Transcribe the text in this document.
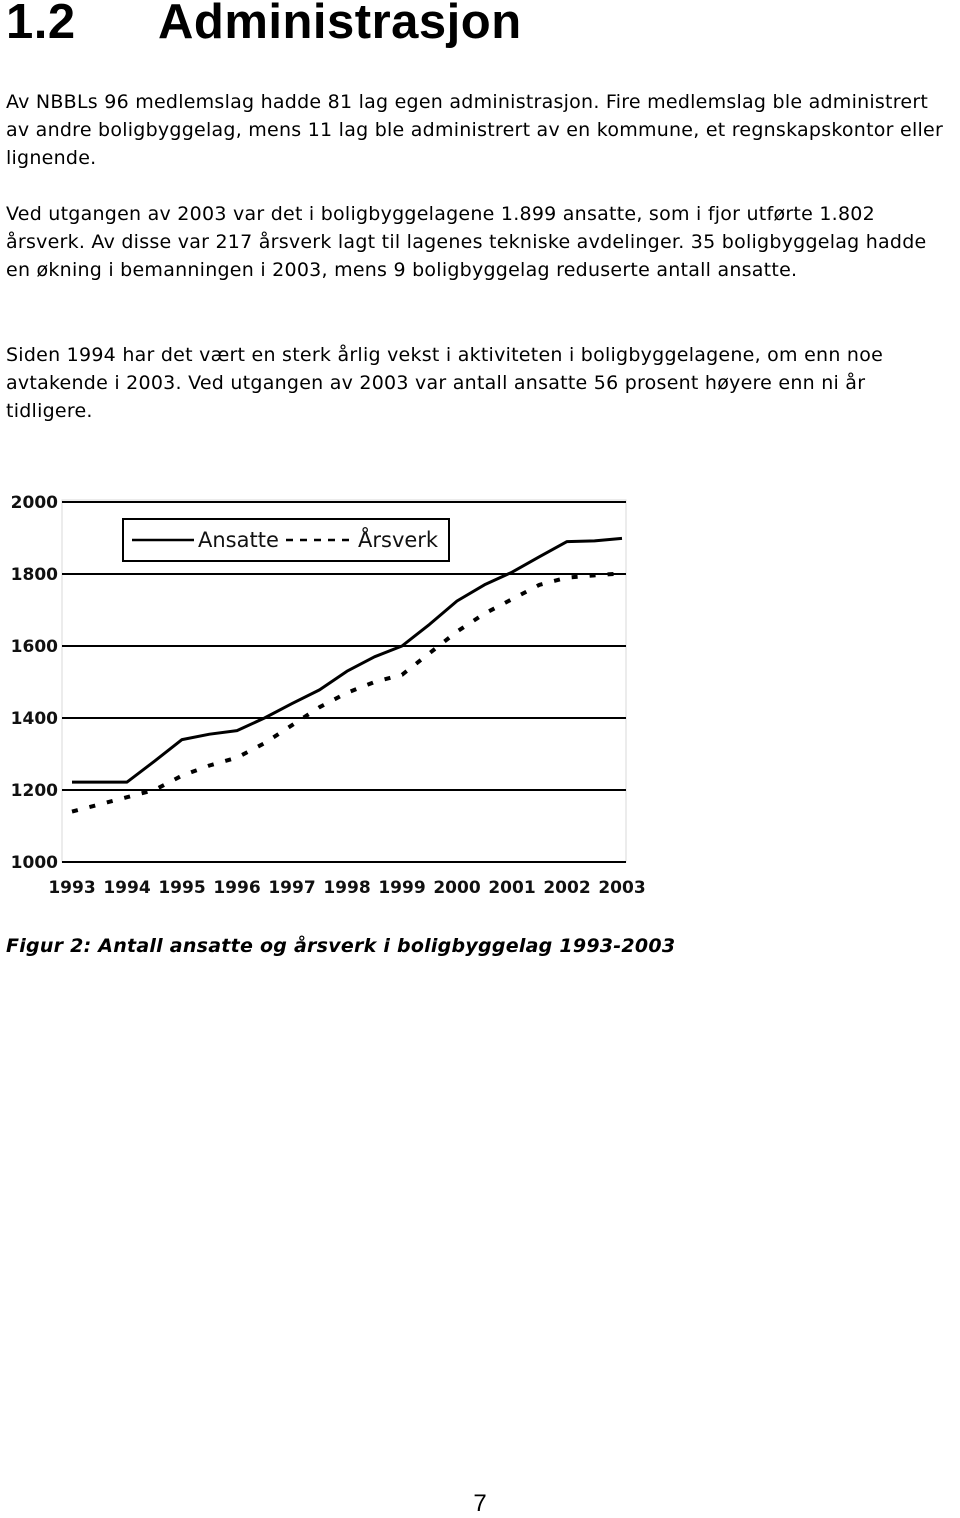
1.2 Administrasjon

Av NBBLs 96 medlemslag hadde 81 lag egen administrasjon. Fire medlemslag ble administrert av andre boligbyggelag, mens 11 lag ble administrert av en kommune, et regnskapskontor eller lignende.

Ved utgangen av 2003 var det i boligbyggelagene 1.899 ansatte, som i fjor utførte 1.802 årsverk. Av disse var 217 årsverk lagt til lagenes tekniske avdelinger. 35 boligbyggelag hadde en økning i bemanningen i 2003, mens 9 boligbyggelag reduserte antall ansatte.

Siden 1994 har det vært en sterk årlig vekst i aktiviteten i boligbyggelagene, om enn noe avtakende i 2003. Ved utgangen av 2003 var antall ansatte 56 prosent høyere enn ni år tidligere.

2000
1800
1600
1400
1200
1000
1993 1994 1995 1996 1997 1998 1999 2000 2001 2002 2003
Ansatte	Årsverk

Figur 2: Antall ansatte og årsverk i boligbyggelag 1993-2003

7
